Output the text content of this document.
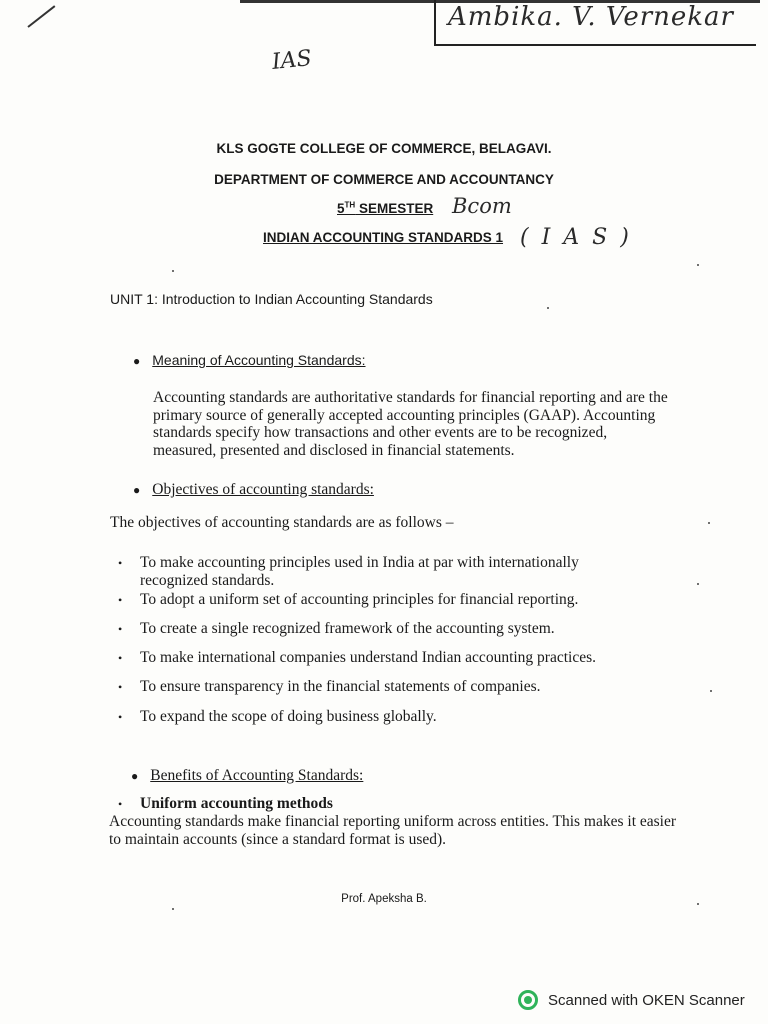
Ambika. V. Vernekar
IAS
KLS GOGTE COLLEGE OF COMMERCE, BELAGAVI.
DEPARTMENT OF COMMERCE AND ACCOUNTANCY
5TH SEMESTER Bcom
INDIAN ACCOUNTING STANDARDS 1 ( I A S )
UNIT 1: Introduction to Indian Accounting Standards
● Meaning of Accounting Standards:
Accounting standards are authoritative standards for financial reporting and are the primary source of generally accepted accounting principles (GAAP). Accounting standards specify how transactions and other events are to be recognized, measured, presented and disclosed in financial statements.
● Objectives of accounting standards:
The objectives of accounting standards are as follows –
• To make accounting principles used in India at par with internationally recognized standards.
• To adopt a uniform set of accounting principles for financial reporting.
• To create a single recognized framework of the accounting system.
• To make international companies understand Indian accounting practices.
• To ensure transparency in the financial statements of companies.
• To expand the scope of doing business globally.
● Benefits of Accounting Standards:
• Uniform accounting methods
Accounting standards make financial reporting uniform across entities. This makes it easier to maintain accounts (since a standard format is used).
Prof. Apeksha B.
Scanned with OKEN Scanner
